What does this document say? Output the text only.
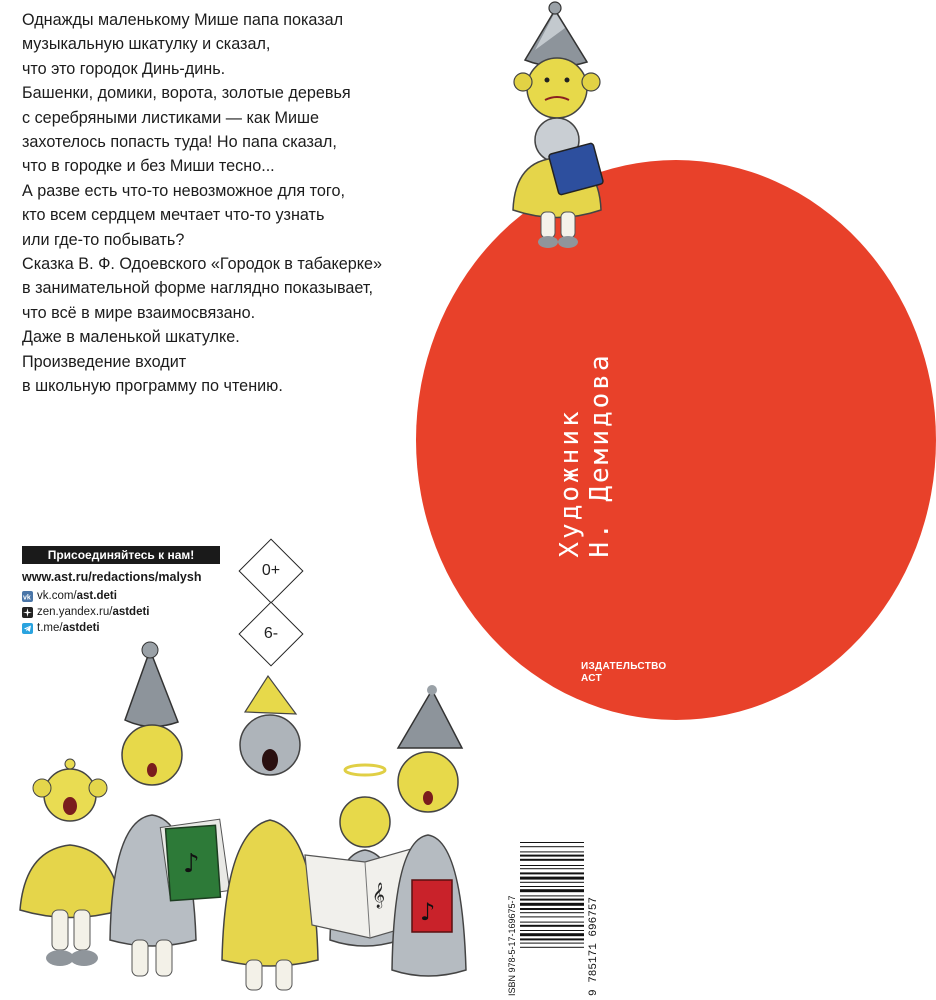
Художник Н. Демидова
ИЗДАТЕЛЬСТВО
АСТ
Однажды маленькому Мише папа показал
музыкальную шкатулку и сказал,
что это городок Динь-динь.
Башенки, домики, ворота, золотые деревья
с серебряными листиками — как Мише
захотелось попасть туда! Но папа сказал,
что в городке и без Миши тесно...
А разве есть что-то невозможное для того,
кто всем сердцем мечтает что-то узнать
или где-то побывать?
Сказка В. Ф. Одоевского «Городок в табакерке»
в занимательной форме наглядно показывает,
что всё в мире взаимосвязано.
Даже в маленькой шкатулке.
Произведение входит
в школьную программу по чтению.
Присоединяйтесь к нам!
www.ast.ru/redactions/malysh
vk vk.com/ ast.deti
zen.yandex.ru/ astdeti
t.me/ astdeti
0+
6-
♪
𝄞
♪	ISBN 978-5-17-169675-7	9 785171 696757
